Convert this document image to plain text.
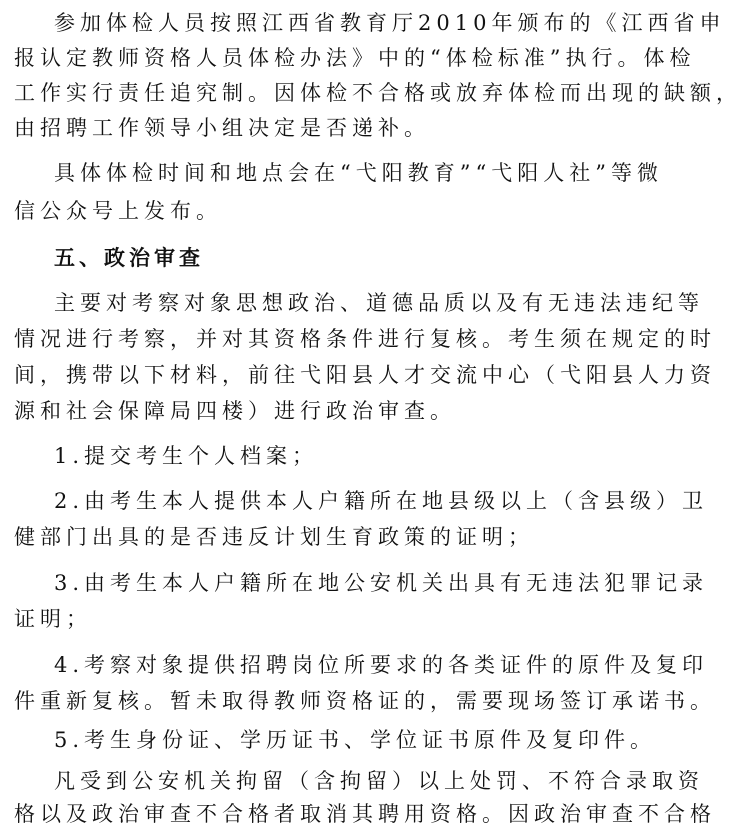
参加体检人员按照江西省教育厅2010年颁布的《江西省申
报认定教师资格人员体检办法》中的“体检标准”执行。体检
工作实行责任追究制。因体检不合格或放弃体检而出现的缺额，
由招聘工作领导小组决定是否递补。
具体体检时间和地点会在“弋阳教育”“弋阳人社”等微
信公众号上发布。
五、政治审查
主要对考察对象思想政治、道德品质以及有无违法违纪等
情况进行考察，并对其资格条件进行复核。考生须在规定的时
间，携带以下材料，前往弋阳县人才交流中心（弋阳县人力资
源和社会保障局四楼）进行政治审查。
1.提交考生个人档案；
2.由考生本人提供本人户籍所在地县级以上（含县级）卫
健部门出具的是否违反计划生育政策的证明；
3.由考生本人户籍所在地公安机关出具有无违法犯罪记录
证明；
4.考察对象提供招聘岗位所要求的各类证件的原件及复印
件重新复核。暂未取得教师资格证的，需要现场签订承诺书。
5.考生身份证、学历证书、学位证书原件及复印件。
凡受到公安机关拘留（含拘留）以上处罚、不符合录取资
格以及政治审查不合格者取消其聘用资格。因政治审查不合格
